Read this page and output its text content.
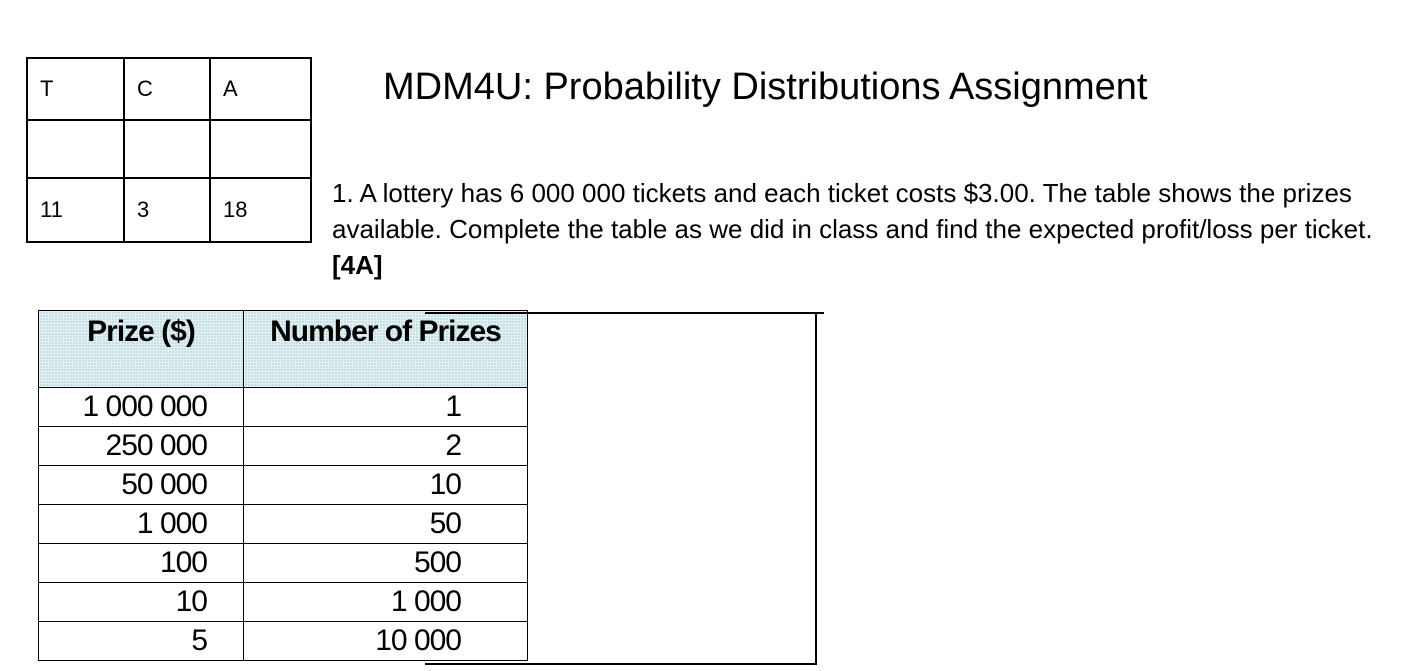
T	C	A

11	3	18
MDM4U: Probability Distributions Assignment

1. A lottery has 6 000 000 tickets and each ticket costs $3.00. The table shows the prizes available. Complete the table as we did in class and find the expected profit/loss per ticket. [4A]

Prize ($)	Number of Prizes
1 000 000	1
250 000	2
50 000	10
1 000	50
100	500
10	1 000
5	10 000
